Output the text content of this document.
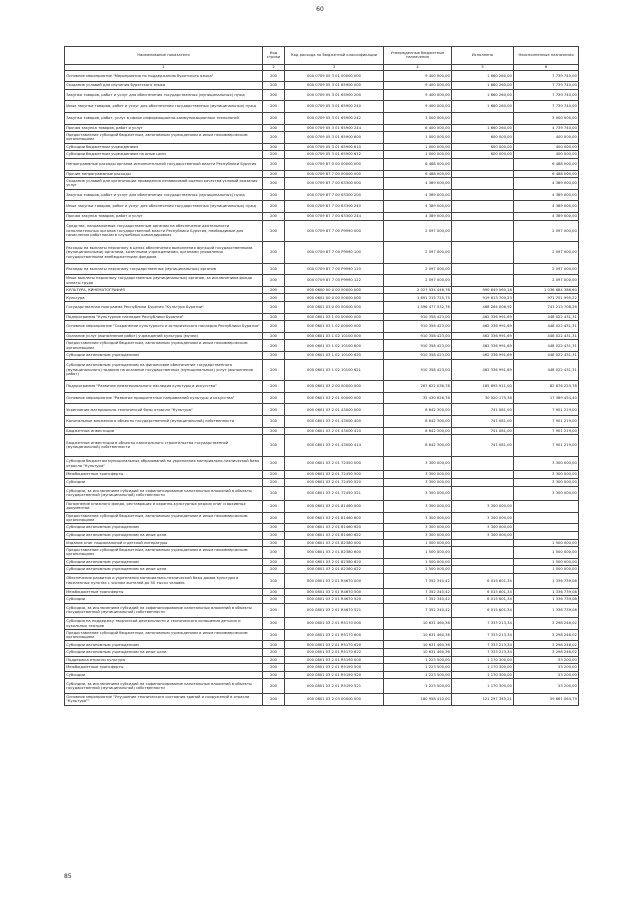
60
Наименование показателя	Код строки	Код расхода по бюджетной классификации	Утвержденные бюджетные назначения	Исполнено	Неисполненные назначения
1	2	3	4	5	6
Основное мероприятие "Мероприятия по поддержанию бурятского языка"	200	000 0709 05 3 01 00000 000	9 400 000,00	1 660 260,00	7 739 740,00
Создание условий для изучения бурятского языка	200	000 0709 05 3 01 65900 000	9 400 000,00	1 660 260,00	7 739 740,00
Закупка товаров, работ и услуг для обеспечения государственных (муниципальных) нужд	200	000 0709 05 3 01 65900 200	9 400 000,00	1 660 260,00	7 739 740,00
Иные закупки товаров, работ и услуг для обеспечения государственных (муниципальных) нужд	200	000 0709 05 3 01 65900 240	9 400 000,00	1 660 260,00	7 739 740,00
Закупка товаров, работ, услуг в сфере информационно-коммуникационных технологий	200	000 0709 05 3 01 65900 242	3 000 000,00		3 000 000,00
Прочая закупка товаров, работ и услуг	200	000 0709 05 3 01 65900 244	6 400 000,00	1 660 260,00	4 739 740,00
Предоставление субсидий бюджетным, автономным учреждениям и иным некоммерческим организациям	200	000 0709 05 3 01 65900 600	1 000 000,00	600 000,00	400 000,00
Субсидии бюджетным учреждениям	200	000 0709 05 3 01 65900 610	1 000 000,00	600 000,00	400 000,00
Субсидии бюджетным учреждениям на иные цели	200	000 0709 05 3 01 65900 612	1 000 000,00	600 000,00	400 000,00
Непрограммные расходы органов исполнительной государственной власти Республики Бурятия	200	000 0709 87 0 00 00000 000	6 488 000,00		6 488 000,00
Прочие непрограммные расходы	200	000 0709 87 7 00 00000 000	6 488 000,00		6 488 000,00
Создание условий для организации проведения независимой оценки качества условий оказания услуг	200	000 0709 87 7 00 63300 000	4 389 000,00		4 389 000,00
Закупка товаров, работ и услуг для обеспечения государственных (муниципальных) нужд	200	000 0709 87 7 00 63300 200	4 389 000,00		4 389 000,00
Иные закупки товаров, работ и услуг для обеспечения государственных (муниципальных) нужд	200	000 0709 87 7 00 63300 240	4 389 000,00		4 389 000,00
Прочая закупка товаров, работ и услуг	200	000 0709 87 7 00 63300 244	4 389 000,00		4 389 000,00
Средства, направляемые государственным органам на обеспечение деятельности исполнительных органов государственной власти Республики Бурятия, необходимые для начисления работникам в служебных командировках	200	000 0709 87 7 00 P9990 000	2 097 000,00		2 097 000,00
Расходы на выплаты персоналу в целях обеспечения выполнения функций государственными (муниципальными) органами, казенными учреждениями, органами управления государственными внебюджетными фондами	200	000 0709 87 7 00 P9990 100	2 097 000,00		2 097 000,00
Расходы на выплаты персоналу государственных (муниципальных) органов	200	000 0709 87 7 00 P9990 120	2 097 000,00		2 097 000,00
Иные выплаты персоналу государственных (муниципальных) органов, за исключением фонда оплаты труда	200	000 0709 87 7 00 P9990 122	2 097 000,00		2 097 000,00
КУЛЬТУРА, КИНЕМАТОГРАФИЯ	200	000 0800 00 0 00 00000 000	2 027 534 446,78	990 849 060,18	1 036 684 386,60
Культура	200	000 0801 00 0 00 00000 000	1 891 315 725,75	919 613 700,23	971 701 995,22
Государственная программа Республики Бурятия "Культура Бурятии"	200	000 0801 03 0 00 00000 000	1 596 477 532,76	468 264 006,92	741 213 708,26
Подпрограмма "Культурное наследие Республики Бурятия"	200	000 0801 03 1 00 00000 000	910 358 423,00	462 336 991,69	448 022 431,31
Основное мероприятие "Сохранение культурного и исторического наследия Республики Бурятия"	200	000 0801 03 1 02 00000 000	910 358 423,00	462 336 991,69	448 022 431,31
Оказание услуг (выполнение работ) учреждений культуры (музеи)	200	000 0801 03 1 02 10100 000	910 358 423,00	462 336 991,69	448 022 431,31
Предоставление субсидий бюджетным, автономным учреждениям и иным некоммерческим организациям	200	000 0801 03 1 02 10100 600	910 358 423,00	462 336 991,69	448 022 431,31
Субсидии автономным учреждениям	200	000 0801 03 1 02 10100 620	910 358 423,00	462 336 991,69	448 022 431,31
Субсидии автономным учреждениям на финансовое обеспечение государственного (муниципального) задания на оказание государственных (муниципальных) услуг (выполнение работ)	200	000 0801 03 1 02 10100 621	910 358 423,00	462 336 991,69	448 022 431,31
Подпрограмма "Развитие нематериального наследия культуры и искусства"	200	000 0801 03 2 00 00000 000	267 622 036,78	185 695 911,00	82 876 225,78
Основное мероприятие "Развитие приоритетных направлений культуры и искусства"	200	000 0801 03 2 01 00000 000	35 430 626,78	30 020 175,38	17 389 454,40
Укрепление материально-технической базы отрасли "Культура"	200	000 0801 03 2 01 43000 000	8 642 300,00	741 081,00	7 901 219,00
Капитальные вложения в объекты государственной (муниципальной) собственности	200	000 0801 03 2 01 43000 400	8 642 300,00	741 081,00	7 901 219,00
Бюджетные инвестиции	200	000 0801 03 2 01 43000 410	8 642 300,00	741 081,00	7 901 219,00
Бюджетные инвестиции в объекты капитального строительства государственной (муниципальной) собственности	200	000 0801 03 2 01 43000 414	8 642 300,00	741 081,00	7 901 219,00
Субсидии бюджетам муниципальных образований на укрепление материально-технической базы отрасли "Культура"	200	000 0801 03 2 01 72450 000	3 300 000,00		3 300 000,00
Межбюджетные трансферты	200	000 0801 03 2 01 72450 500	3 300 000,00		3 300 000,00
Субсидии	200	000 0801 03 2 01 72450 520	3 300 000,00		3 300 000,00
Субсидии, за исключением субсидий на софинансирование капитальных вложений в объекты государственной (муниципальной) собственности	200	000 0801 03 2 01 72450 521	3 300 000,00		3 300 000,00
Пополнение книжного фонда, реставрация и охранно-культурных редких книг и архивных документов	200	000 0801 03 2 01 81460 000	3 300 000,00	3 300 000,00	
Предоставление субсидий бюджетным, автономным учреждениям и иным некоммерческим организациям	200	000 0801 03 2 01 81460 600	3 300 000,00	3 300 000,00	
Субсидии автономным учреждениям	200	000 0801 03 2 01 81460 620	3 300 000,00	3 300 000,00	
Субсидии автономным учреждениям на иные цели	200	000 0801 03 2 01 81460 622	3 300 000,00	3 300 000,00	
Издание книг национальной и детской литературы	200	000 0801 03 2 01 82380 000	1 500 000,00		1 500 000,00
Предоставление субсидий бюджетным, автономным учреждениям и иным некоммерческим организациям	200	000 0801 03 2 01 82380 600	1 500 000,00		1 500 000,00
Субсидии автономным учреждениям	200	000 0801 03 2 01 82380 620	1 500 000,00		1 500 000,00
Субсидии автономным учреждениям на иные цели	200	000 0801 03 2 01 82380 622	1 500 000,00		1 500 000,00
Обеспечение развития и укрепления материально-технической базы домов культуры в населенных пунктах с числом жителей до 50 тысяч человек	200	000 0801 03 2 01 R4670 000	7 352 340,42	6 015 601,34	1 336 739,08
Межбюджетные трансферты	200	000 0801 03 2 01 R4670 500	7 352 340,42	6 015 601,34	1 336 739,08
Субсидии	200	000 0801 03 2 01 R4670 520	7 352 340,42	6 015 601,34	1 336 739,08
Субсидии, за исключением субсидий на софинансирование капитальных вложений в объекты государственной (муниципальной) собственности	200	000 0801 03 2 01 R4670 521	7 352 340,42	6 015 601,34	1 336 739,08
Субсидия на поддержку творческой деятельности и технического оснащения детских и кукольных театров	200	000 0801 03 2 01 R5170 000	10 631 460,36	7 333 213,34	3 298 246,02
Предоставление субсидий бюджетным, автономным учреждениям и иным некоммерческим организациям	200	000 0801 03 2 01 R5170 600	10 631 460,36	7 333 213,34	3 298 246,02
Субсидии автономным учреждениям	200	000 0801 03 2 01 R5170 620	10 631 460,36	7 333 213,34	3 298 246,02
Субсидии автономным учреждениям на иные цели	200	000 0801 03 2 01 R5170 622	10 631 460,36	7 333 213,34	3 298 246,02
Поддержка отрасли культуры	200	000 0801 03 2 01 R5190 000	1 223 500,00	1 170 300,00	53 200,00
Межбюджетные трансферты	200	000 0801 03 2 01 R5190 500	1 223 500,00	1 170 300,00	53 200,00
Субсидии	200	000 0801 03 2 01 R5190 520	1 223 500,00	1 170 300,00	53 200,00
Субсидии, за исключением субсидий на софинансирование капитальных вложений в объекты государственной (муниципальной) собственности	200	000 0801 03 2 01 R5190 521	1 223 500,00	1 170 300,00	53 200,00
Основное мероприятие "Улучшение технического состояния зданий и сооружений в отрасли "Культура""	200	000 0801 03 2 03 00000 000	180 958 410,00	121 297 345,21	59 661 064,79
85
